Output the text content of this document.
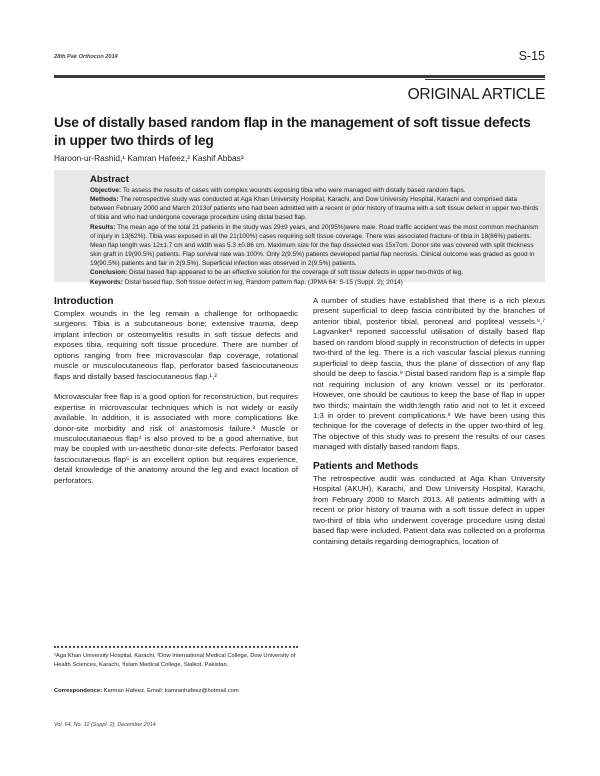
28th Pak Orthocon 2014	S-15
ORIGINAL ARTICLE
Use of distally based random flap in the management of soft tissue defects in upper two thirds of leg
Haroon-ur-Rashid,¹ Kamran Hafeez,² Kashif Abbas³
Abstract

Objective: To assess the results of cases with complex wounds exposing tibia who were managed with distally based random flaps.

Methods: The retrospective study was conducted at Aga Khan University Hospital, Karachi, and Dow University Hospital, Karachi and comprised data between February 2000 and March 2013of patients who had been admitted with a recent or prior history of trauma with a soft tissue defect in upper two-thirds of tibia and who had undergone coverage procedure using distal based flap.

Results: The mean age of the total 21 patients in the study was 29±9 years, and 20(95%)were male. Road traffic accident was the most common mechanism of injury in 13(62%). Tibia was exposed in all the 21(100%) cases requiring soft tissue coverage. There was associated fracture of tibia in 18(86%) patients. Mean flap length was 12±1.7 cm and width was 5.3 ±0.86 cm. Maximum size for the flap dissected was 15x7cm. Donor site was covered with split thickness skin graft in 19(90.5%) patients. Flap survival rate was 100%. Only 2(9.5%) patients developed partial flap necrosis. Clinical outcome was graded as good in 19(90.5%) patients and fair in 2(9.5%). Superficial infection was observed in 2(9.5%) patients.

Conclusion: Distal based flap appeared to be an effective solution for the coverage of soft tissue defects in upper two-thirds of leg.

Keywords: Distal based flap, Soft tissue defect in leg, Random pattern flap. (JPMA 64: S-15 (Suppl. 2); 2014)

Introduction

Complex wounds in the leg remain a challenge for orthopaedic surgeons. Tibia is a subcutaneous bone; extensive trauma, deep implant infection or osteomyelitis results in soft tissue defects and exposes tibia, requiring soft tissue procedure. There are number of options ranging from free microvascular flap coverage, rotational muscle or musculocutaneous flap, perforator based fasciocutaneous flaps and distally based fasciocutaneous flap.¹,²

Microvascular free flap is a good option for reconstruction, but requires expertise in microvascular techniques which is not widely or easily available. In addition, it is associated with more complications like donor-site morbidity and risk of anastomosis failure.³ Muscle or musculocutanaeous flap⁴ is also proved to be a good alternative, but may be coupled with un-aesthetic donor-site defects. Perforator based fasciocutaneous flap⁵ is an excellent option but requires experience, detail knowledge of the anatomy around the leg and exact location of perforators.

A number of studies have established that there is a rich plexus present superficial to deep fascia contributed by the branches of anterior tibial, posterior tibial, peroneal and popliteal vessels.⁶,⁷ Lagvanker⁸ reported successful utilisation of distally based flap based on random blood supply in reconstruction of defects in upper two-third of the leg. There is a rich vascular fascial plexus running superficial to deep fascia, thus the plane of dissection of any flap should be deep to fascia.⁹ Distal based random flap is a simple flap not requiring inclusion of any known vessel or its perforator. However, one should be cautious to keep the base of flap in upper two thirds; maintain the width:length ratio and not to let it exceed 1:3 in order to prevent complications.⁸ We have been using this technique for the coverage of defects in the upper two-third of leg. The objective of this study was to present the results of our cases managed with distally based random flaps.

Patients and Methods

The retrospective audit was conducted at Aga Khan University Hospital (AKUH), Karachi, and Dow University Hospital, Karachi, from February 2000 to March 2013. All patients admitting with a recent or prior history of trauma with a soft tissue defect in upper two-third of tibia who underwent coverage procedure using distal based flap were included. Patient data was collected on a proforma containing details regarding demographics, location of

¹Aga Khan University Hospital, Karachi, ²Dow International Medical College, Dow University of Health Sciences, Karachi, ³Islam Medical College, Sialkot, Pakistan.
Correspondence: Kamran Hafeez. Email: kamranhafeez@hotmail.com
Vol. 64, No. 12 (Suppl. 2), December 2014
